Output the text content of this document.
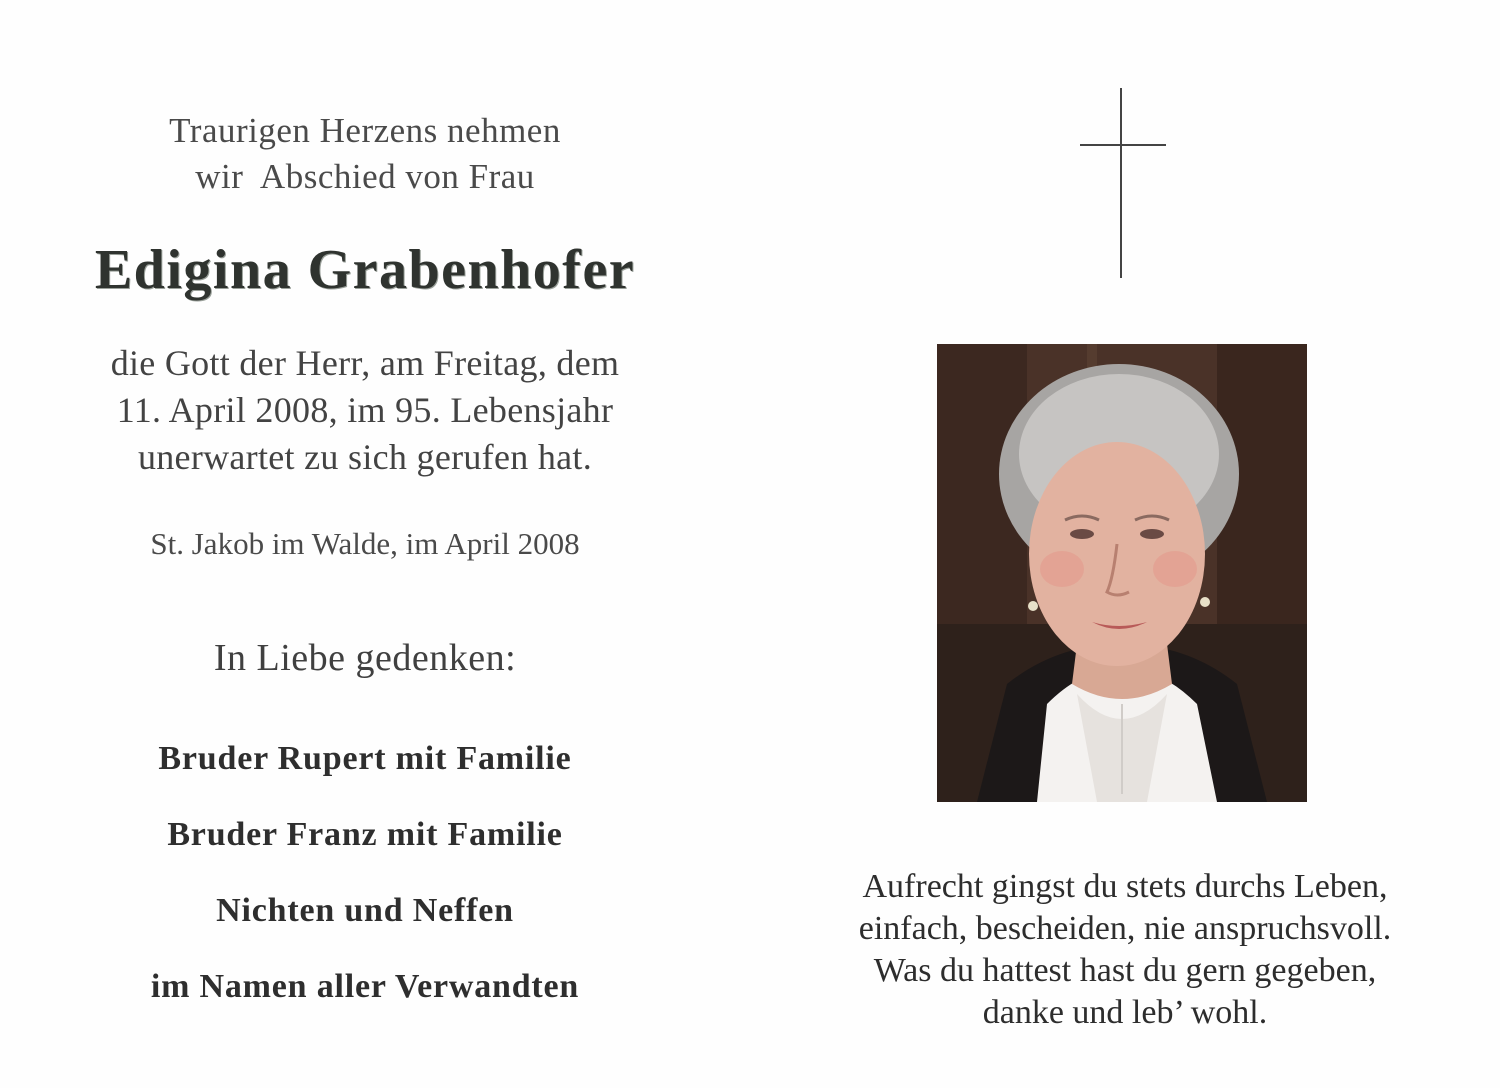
Traurigen Herzens nehmen
wir  Abschied von Frau
Edigina Grabenhofer
die Gott der Herr, am Freitag, dem
11. April 2008, im 95. Lebensjahr
unerwartet zu sich gerufen hat.
St. Jakob im Walde, im April 2008
In Liebe gedenken:
Bruder Rupert mit Familie
Bruder Franz mit Familie
Nichten und Neffen
im Namen aller Verwandten
Aufrecht gingst du stets durchs Leben,
einfach, bescheiden, nie anspruchsvoll.
Was du hattest hast du gern gegeben,
danke und leb’ wohl.
